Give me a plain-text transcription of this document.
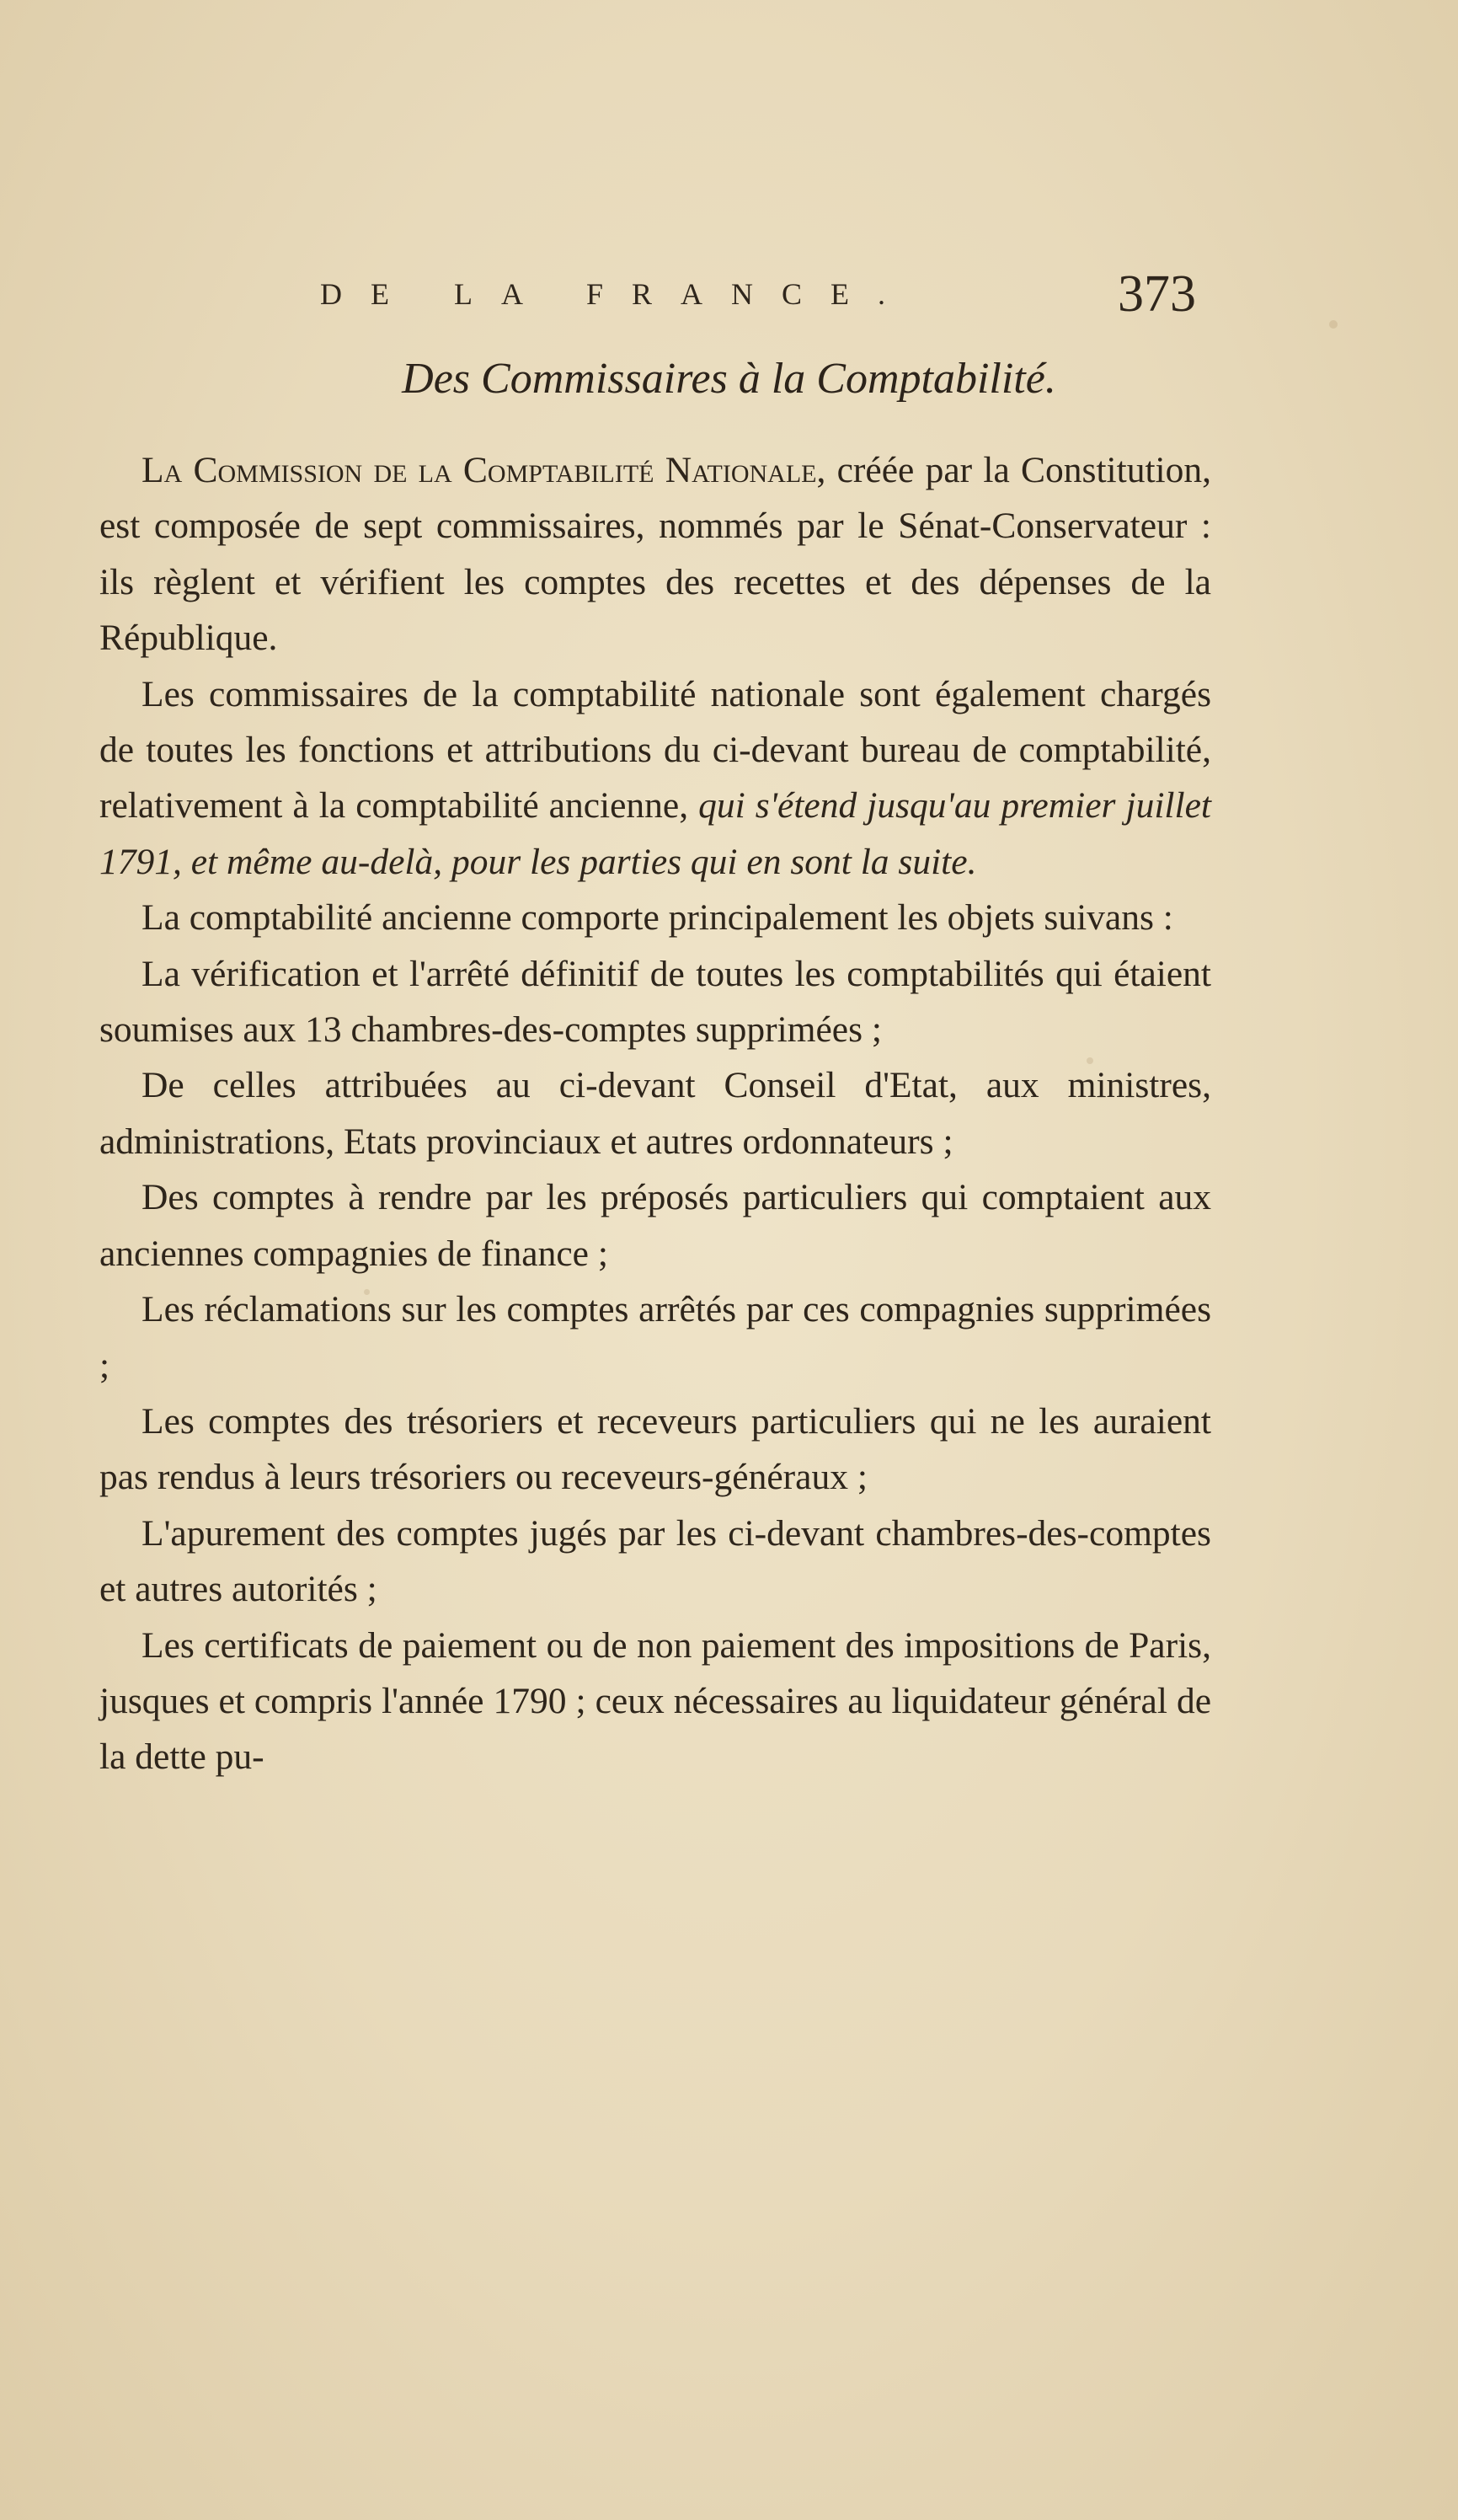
DE LA FRANCE.	373
Des Commissaires à la Comptabilité.

La Commission de la Comptabilité Nationale, créée par la Constitution, est composée de sept commissaires, nommés par le Sénat-Conservateur : ils règlent et vérifient les comptes des recettes et des dépenses de la République.

Les commissaires de la comptabilité nationale sont également chargés de toutes les fonctions et attributions du ci-devant bureau de comptabilité, relativement à la comptabilité ancienne, qui s'étend jusqu'au premier juillet 1791, et même au-delà, pour les parties qui en sont la suite.

La comptabilité ancienne comporte principalement les objets suivans :

La vérification et l'arrêté définitif de toutes les comptabilités qui étaient soumises aux 13 chambres-des-comptes supprimées ;

De celles attribuées au ci-devant Conseil d'Etat, aux ministres, administrations, Etats provinciaux et autres ordonnateurs ;

Des comptes à rendre par les préposés particuliers qui comptaient aux anciennes compagnies de finance ;

Les réclamations sur les comptes arrêtés par ces compagnies supprimées ;

Les comptes des trésoriers et receveurs particuliers qui ne les auraient pas rendus à leurs trésoriers ou receveurs-généraux ;

L'apurement des comptes jugés par les ci-devant chambres-des-comptes et autres autorités ;

Les certificats de paiement ou de non paiement des impositions de Paris, jusques et compris l'année 1790 ; ceux nécessaires au liquidateur général de la dette pu-
